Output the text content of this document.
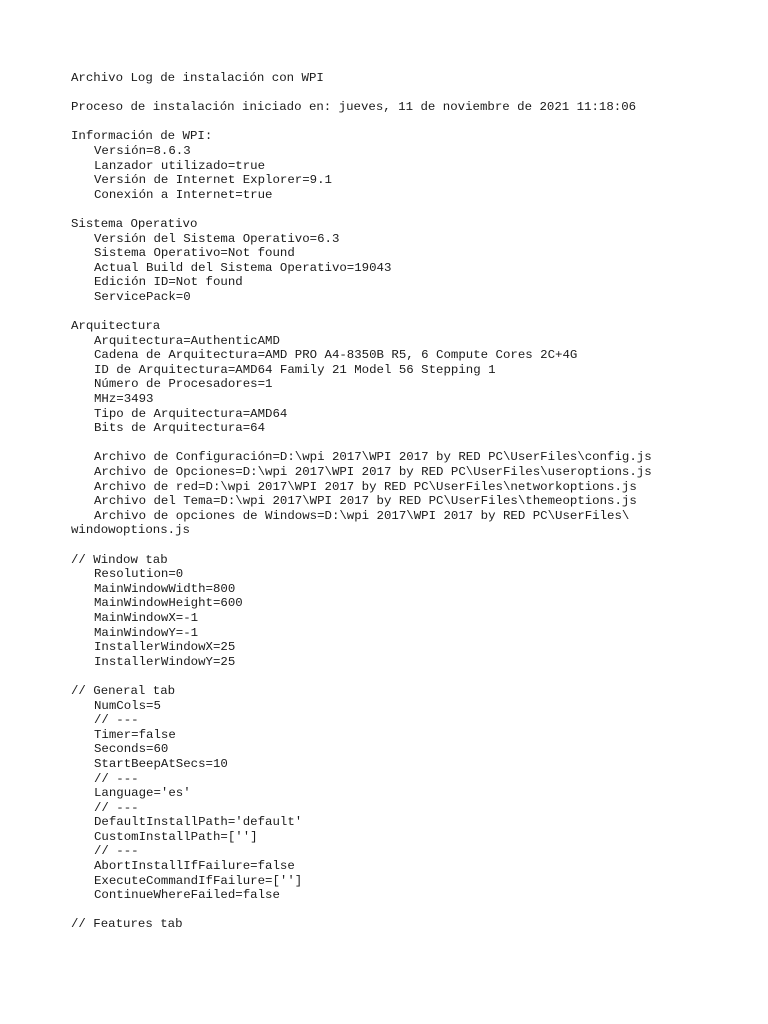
Archivo Log de instalación con WPI
Proceso de instalación iniciado en: jueves, 11 de noviembre de 2021 11:18:06
Información de WPI:
Versión=8.6.3
Lanzador utilizado=true
Versión de Internet Explorer=9.1
Conexión a Internet=true
Sistema Operativo
Versión del Sistema Operativo=6.3
Sistema Operativo=Not found
Actual Build del Sistema Operativo=19043
Edición ID=Not found
ServicePack=0
Arquitectura
Arquitectura=AuthenticAMD
Cadena de Arquitectura=AMD PRO A4-8350B R5, 6 Compute Cores 2C+4G
ID de Arquitectura=AMD64 Family 21 Model 56 Stepping 1
Número de Procesadores=1
MHz=3493
Tipo de Arquitectura=AMD64
Bits de Arquitectura=64
Archivo de Configuración=D:\wpi 2017\WPI 2017 by RED PC\UserFiles\config.js
Archivo de Opciones=D:\wpi 2017\WPI 2017 by RED PC\UserFiles\useroptions.js
Archivo de red=D:\wpi 2017\WPI 2017 by RED PC\UserFiles\networkoptions.js
Archivo del Tema=D:\wpi 2017\WPI 2017 by RED PC\UserFiles\themeoptions.js
Archivo de opciones de Windows=D:\wpi 2017\WPI 2017 by RED PC\UserFiles\
windowoptions.js
// Window tab
Resolution=0
MainWindowWidth=800
MainWindowHeight=600
MainWindowX=-1
MainWindowY=-1
InstallerWindowX=25
InstallerWindowY=25
// General tab
NumCols=5
// ---
Timer=false
Seconds=60
StartBeepAtSecs=10
// ---
Language='es'
// ---
DefaultInstallPath='default'
CustomInstallPath=['']
// ---
AbortInstallIfFailure=false
ExecuteCommandIfFailure=['']
ContinueWhereFailed=false
// Features tab
